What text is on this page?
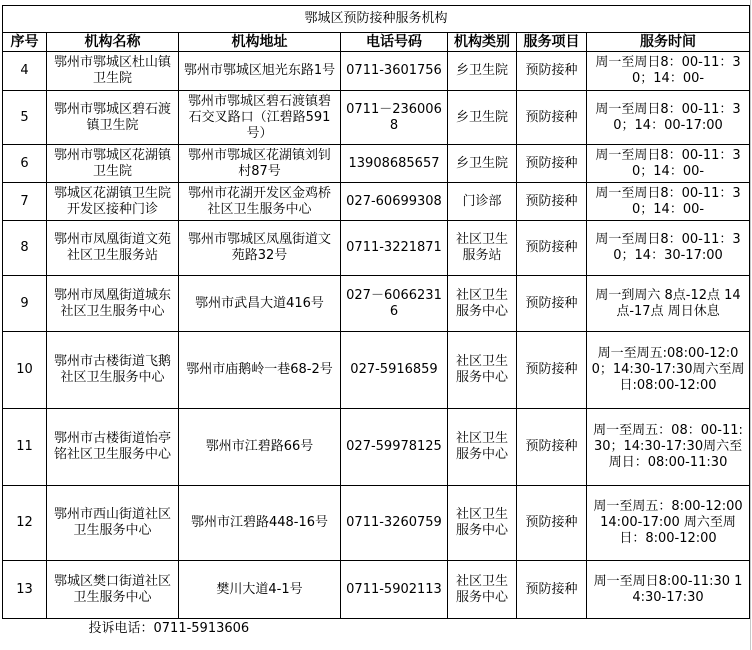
鄂城区预防接种服务机构						
序号	机构名称	机构地址	电话号码	机构类别	服务项目	服务时间
4	鄂州市鄂城区杜山镇卫生院	鄂州市鄂城区旭光东路1号	0711-3601756	乡卫生院	预防接种	周一至周日8：00-11：30；14：00-
5	鄂州市鄂城区碧石渡镇卫生院	鄂州市鄂城区碧石渡镇碧石交叉路口（江碧路591号）	0711－2360068	乡卫生院	预防接种	周一至周日8：00-11：30；14：00-17:00
6	鄂州市鄂城区花湖镇卫生院	鄂州市鄂城区花湖镇刘钊村87号	13908685657	乡卫生院	预防接种	周一至周日8：00-11：30；14：00-
7	鄂城区花湖镇卫生院开发区接种门诊	鄂州市花湖开发区金鸡桥社区卫生服务中心	027-60699308	门诊部	预防接种	周一至周日8：00-11：30；14：00-
8	鄂州市凤凰街道文苑社区卫生服务站	鄂州市鄂城区凤凰街道文苑路32号	0711-3221871	社区卫生服务站	预防接种	周一至周日8：00-11：30；14：30-17:00
9	鄂州市凤凰街道城东社区卫生服务中心	鄂州市武昌大道416号	027－60662316	社区卫生服务中心	预防接种	周一到周六 8点-12点 14点-17点 周日休息
10	鄂州市古楼街道飞鹅社区卫生服务中心	鄂州市庙鹅岭一巷68-2号	027-5916859	社区卫生服务中心	预防接种	周一至周五:08:00-12:00；14:30-17:30周六至周日:08:00-12:00
11	鄂州市古楼街道怡亭铭社区卫生服务中心	鄂州市江碧路66号	027-59978125	社区卫生服务中心	预防接种	周一至周五：08：00-11:30；14:30-17:30周六至周日：08:00-11:30
12	鄂州市西山街道社区卫生服务中心	鄂州市江碧路448-16号	0711-3260759	社区卫生服务中心	预防接种	周一至周五：8:00-12:00 14:00-17:00 周六至周日：8:00-12:00
13	鄂城区樊口街道社区卫生服务中心	樊川大道4-1号	0711-5902113	社区卫生服务中心	预防接种	周一至周日8:00-11:30 14:30-17:30
投诉电话：0711-5913606						
